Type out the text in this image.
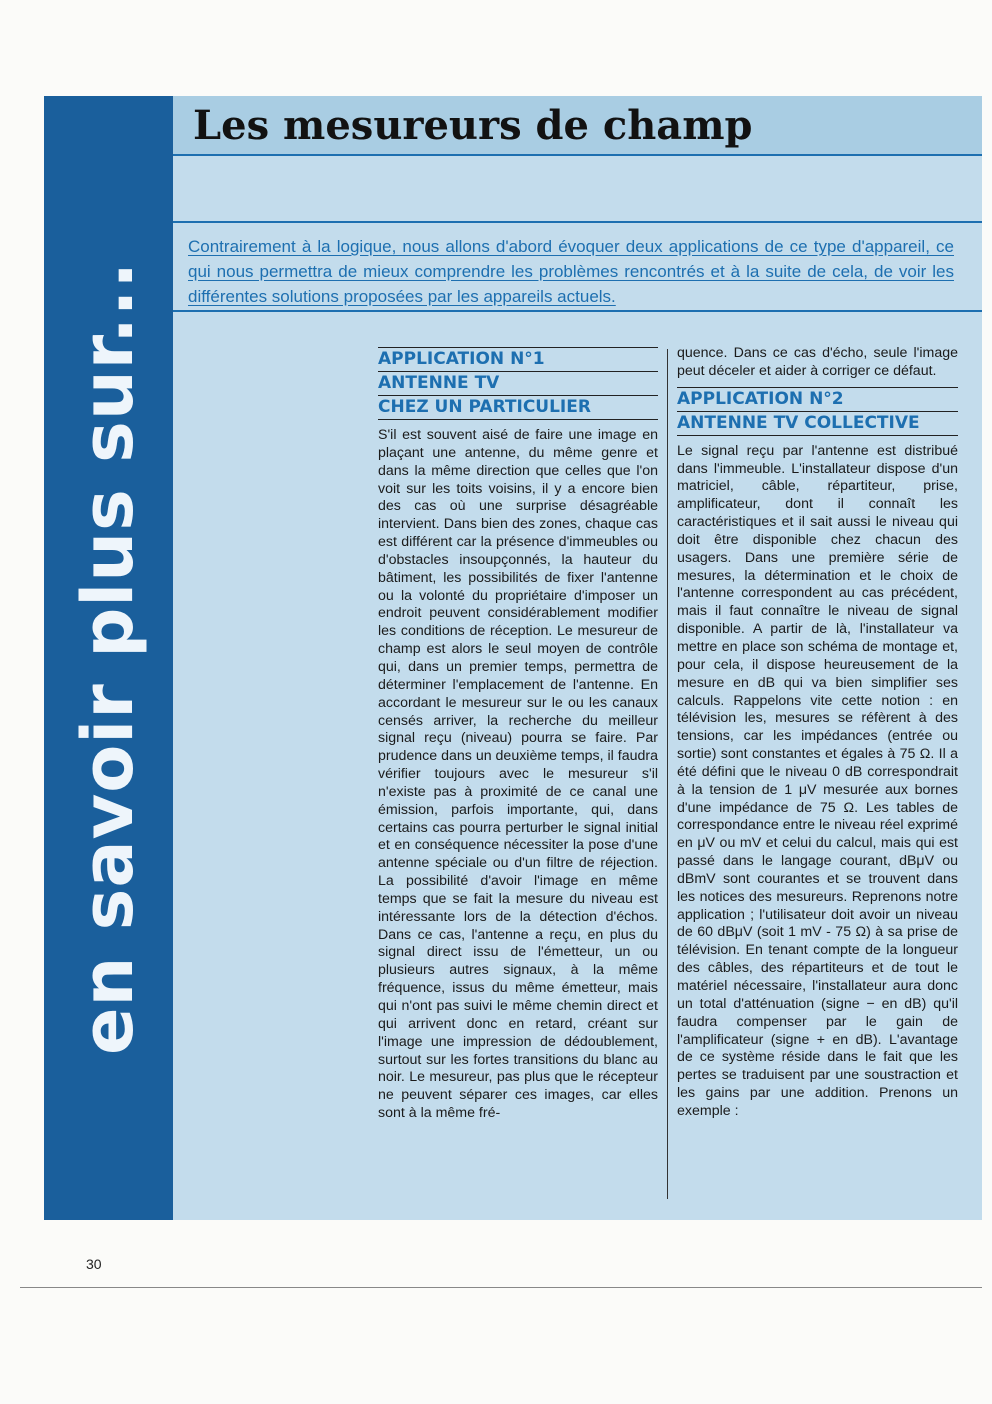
en savoir plus sur...
Les mesureurs de champ

Contrairement à la logique, nous allons d'abord évoquer deux applications de ce type d'appareil, ce qui nous permettra de mieux comprendre les problèmes rencontrés et à la suite de cela, de voir les différentes solutions proposées par les appareils actuels.

APPLICATION N°1
ANTENNE TV
CHEZ UN PARTICULIER

S'il est souvent aisé de faire une image en plaçant une antenne, du même genre et dans la même direction que celles que l'on voit sur les toits voisins, il y a encore bien des cas où une surprise désagréable intervient. Dans bien des zones, chaque cas est différent car la présence d'immeubles ou d'obstacles insoupçonnés, la hauteur du bâtiment, les possibilités de fixer l'antenne ou la volonté du propriétaire d'imposer un endroit peuvent considérablement modifier les conditions de réception. Le mesureur de champ est alors le seul moyen de contrôle qui, dans un premier temps, permettra de déterminer l'emplacement de l'antenne. En accordant le mesureur sur le ou les canaux censés arriver, la recherche du meilleur signal reçu (niveau) pourra se faire. Par prudence dans un deuxième temps, il faudra vérifier toujours avec le mesureur s'il n'existe pas à proximité de ce canal une émission, parfois importante, qui, dans certains cas pourra perturber le signal initial et en conséquence nécessiter la pose d'une antenne spéciale ou d'un filtre de réjection. La possibilité d'avoir l'image en même temps que se fait la mesure du niveau est intéressante lors de la détection d'échos. Dans ce cas, l'antenne a reçu, en plus du signal direct issu de l'émetteur, un ou plusieurs autres signaux, à la même fréquence, issus du même émetteur, mais qui n'ont pas suivi le même chemin direct et qui arrivent donc en retard, créant sur l'image une impression de dédoublement, surtout sur les fortes transitions du blanc au noir. Le mesureur, pas plus que le récepteur ne peuvent séparer ces images, car elles sont à la même fré-

quence. Dans ce cas d'écho, seule l'image peut déceler et aider à corriger ce défaut.

APPLICATION N°2
ANTENNE TV COLLECTIVE

Le signal reçu par l'antenne est distribué dans l'immeuble. L'installateur dispose d'un matriciel, câble, répartiteur, prise, amplificateur, dont il connaît les caractéristiques et il sait aussi le niveau qui doit être disponible chez chacun des usagers. Dans une première série de mesures, la détermination et le choix de l'antenne correspondent au cas précédent, mais il faut connaître le niveau de signal disponible. A partir de là, l'installateur va mettre en place son schéma de montage et, pour cela, il dispose heureusement de la mesure en dB qui va bien simplifier ses calculs. Rappelons vite cette notion : en télévision les, mesures se réfèrent à des tensions, car les impédances (entrée ou sortie) sont constantes et égales à 75 Ω. Il a été défini que le niveau 0 dB correspondrait à la tension de 1 μV mesurée aux bornes d'une impédance de 75 Ω. Les tables de correspondance entre le niveau réel exprimé en μV ou mV et celui du calcul, mais qui est passé dans le langage courant, dBμV ou dBmV sont courantes et se trouvent dans les notices des mesureurs. Reprenons notre application ; l'utilisateur doit avoir un niveau de 60 dBμV (soit 1 mV - 75 Ω) à sa prise de télévision. En tenant compte de la longueur des câbles, des répartiteurs et de tout le matériel nécessaire, l'installateur aura donc un total d'atténuation (signe − en dB) qu'il faudra compenser par le gain de l'amplificateur (signe + en dB). L'avantage de ce système réside dans le fait que les pertes se traduisent par une soustraction et les gains par une addition. Prenons un exemple :

30
